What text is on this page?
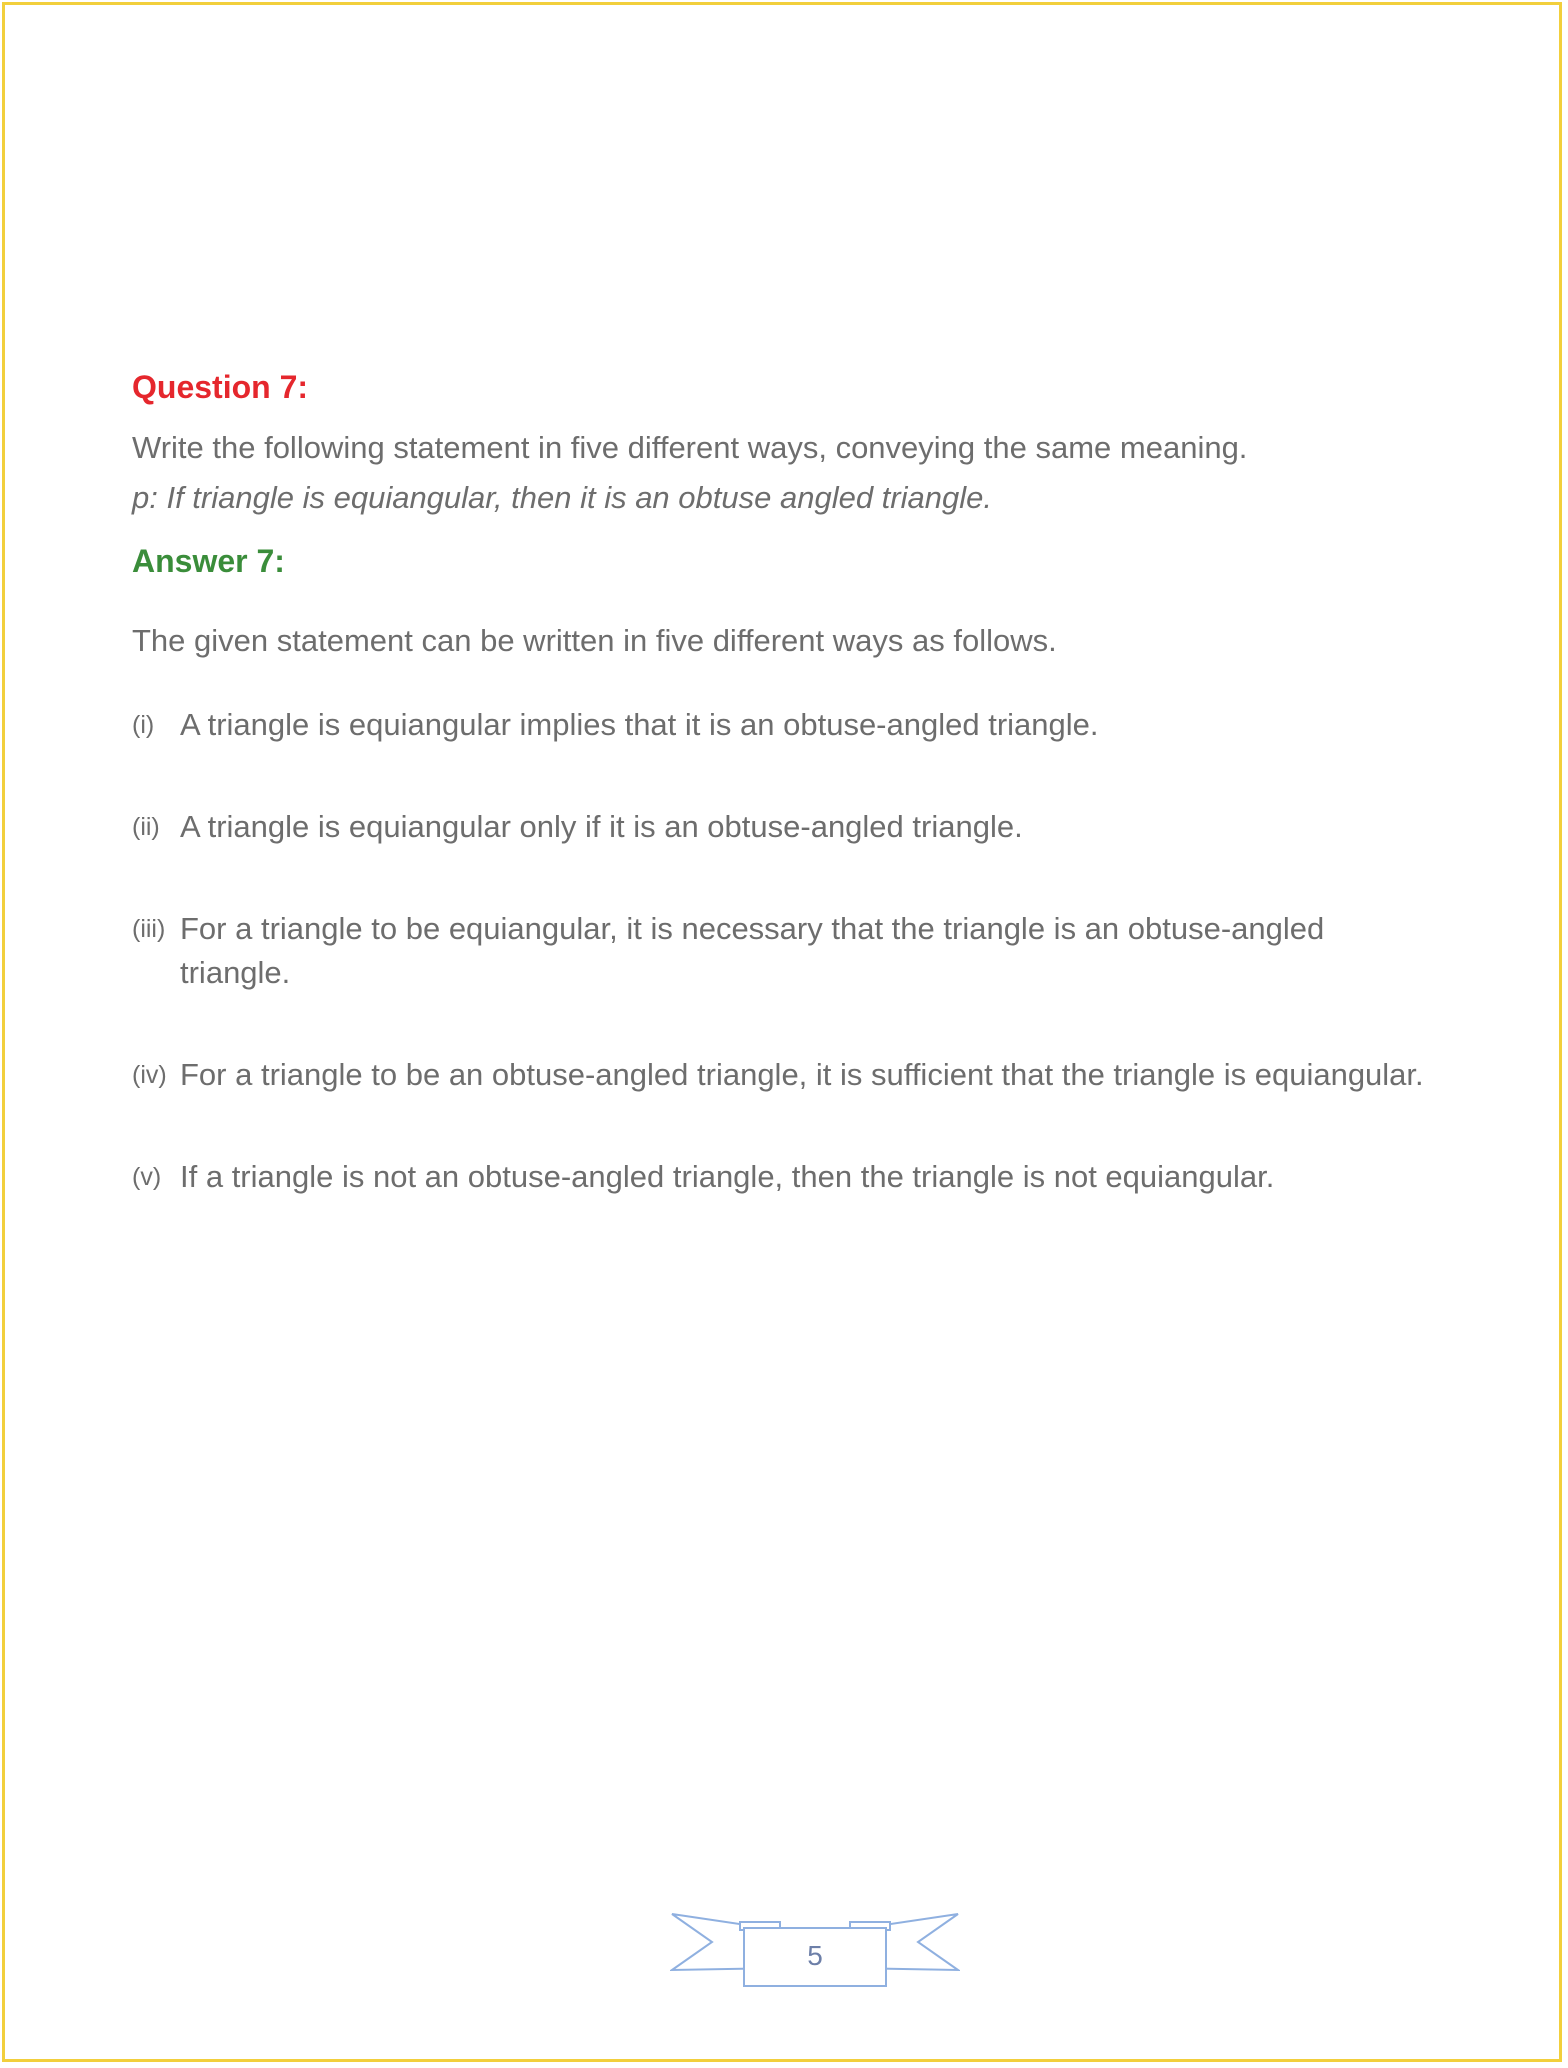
Question 7:

Write the following statement in five different ways, conveying the same meaning.

p: If triangle is equiangular, then it is an obtuse angled triangle.

Answer 7:

The given statement can be written in five different ways as follows.

(i) A triangle is equiangular implies that it is an obtuse-angled triangle.
(ii) A triangle is equiangular only if it is an obtuse-angled triangle.
(iii) For a triangle to be equiangular, it is necessary that the triangle is an obtuse-angled triangle.
(iv) For a triangle to be an obtuse-angled triangle, it is sufficient that the triangle is equiangular.
(v) If a triangle is not an obtuse-angled triangle, then the triangle is not equiangular.
5
